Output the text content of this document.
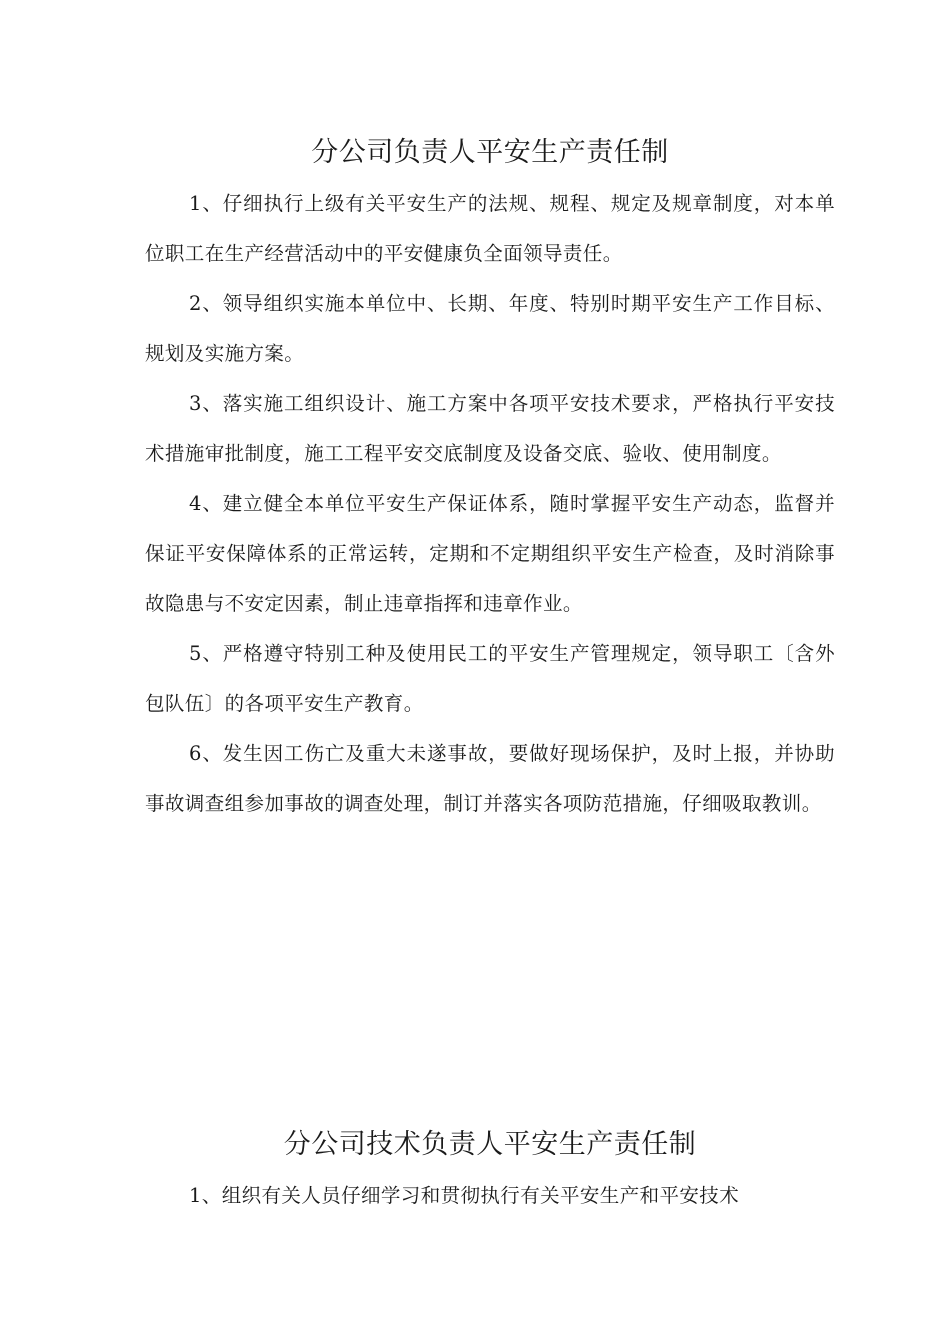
分公司负责人平安生产责任制

1、仔细执行上级有关平安生产的法规、规程、规定及规章制度，对本单位职工在生产经营活动中的平安健康负全面领导责任。

2、领导组织实施本单位中、长期、年度、特别时期平安生产工作目标、规划及实施方案。

3、落实施工组织设计、施工方案中各项平安技术要求，严格执行平安技术措施审批制度，施工工程平安交底制度及设备交底、验收、使用制度。

4、建立健全本单位平安生产保证体系，随时掌握平安生产动态，监督并保证平安保障体系的正常运转，定期和不定期组织平安生产检查，及时消除事故隐患与不安定因素，制止违章指挥和违章作业。

5、严格遵守特别工种及使用民工的平安生产管理规定，领导职工〔含外包队伍〕的各项平安生产教育。

6、发生因工伤亡及重大未遂事故，要做好现场保护，及时上报，并协助事故调查组参加事故的调查处理，制订并落实各项防范措施，仔细吸取教训。

分公司技术负责人平安生产责任制

1、组织有关人员仔细学习和贯彻执行有关平安生产和平安技术
